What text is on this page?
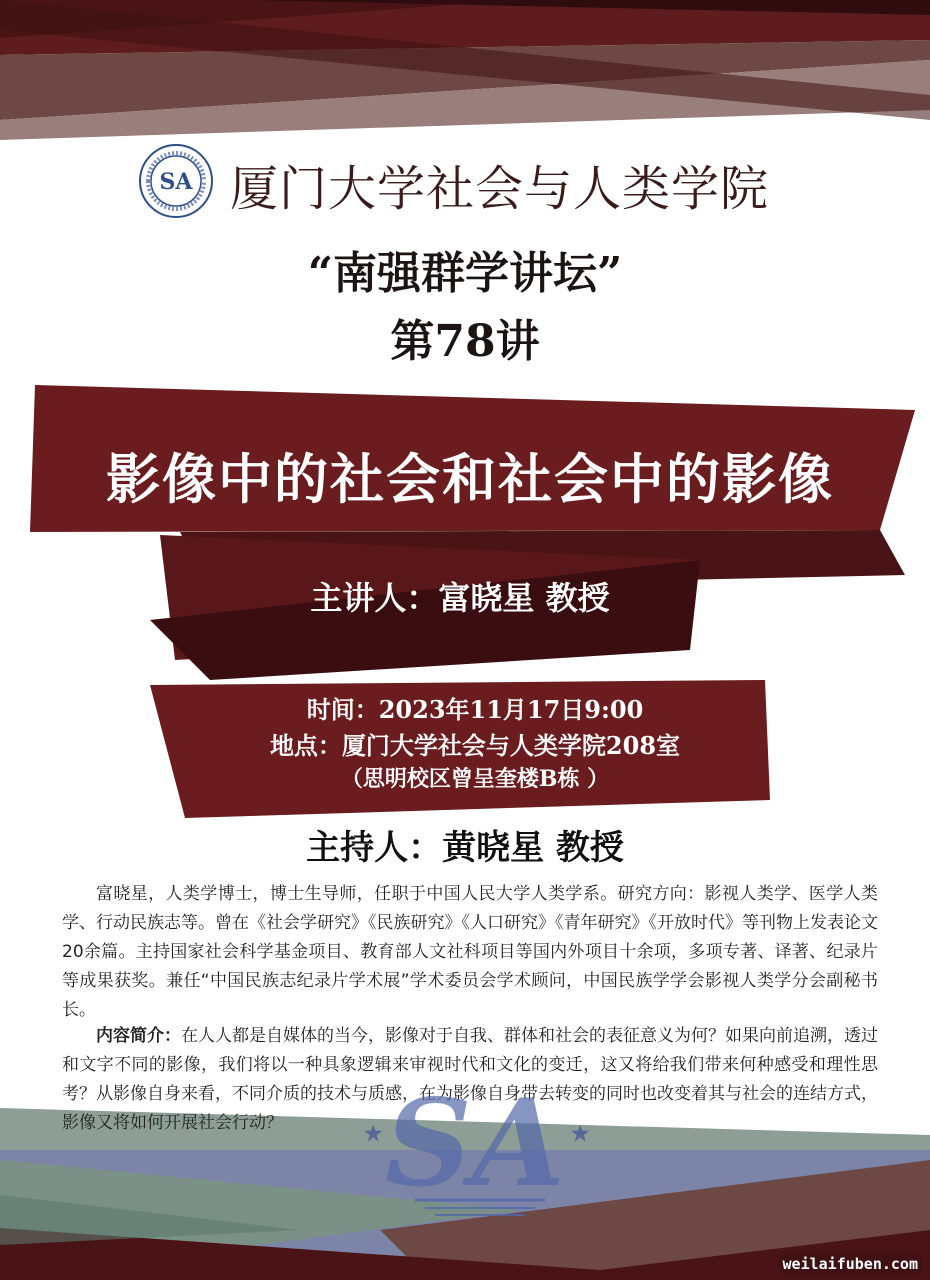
SA 厦门大学社会与人类学院
“南强群学讲坛”
第78讲
影像中的社会和社会中的影像
主讲人：富晓星 教授
时间：2023年11月17日9:00
地点：厦门大学社会与人类学院208室
（思明校区曾呈奎楼B栋 ）
主持人：黄晓星 教授

富晓星，人类学博士，博士生导师，任职于中国人民大学人类学系。研究方向：影视人类学、医学人类学、行动民族志等。曾在《社会学研究》《民族研究》《人口研究》《青年研究》《开放时代》等刊物上发表论文20余篇。主持国家社会科学基金项目、教育部人文社科项目等国内外项目十余项，多项专著、译著、纪录片等成果获奖。兼任“中国民族志纪录片学术展”学术委员会学术顾问，中国民族学学会影视人类学分会副秘书长。

内容简介：在人人都是自媒体的当今，影像对于自我、群体和社会的表征意义为何？如果向前追溯，透过和文字不同的影像，我们将以一种具象逻辑来审视时代和文化的变迁，这又将给我们带来何种感受和理性思考？从影像自身来看，不同介质的技术与质感，在为影像自身带去转变的同时也改变着其与社会的连结方式，影像又将如何开展社会行动？ SA
weilaifuben.com
